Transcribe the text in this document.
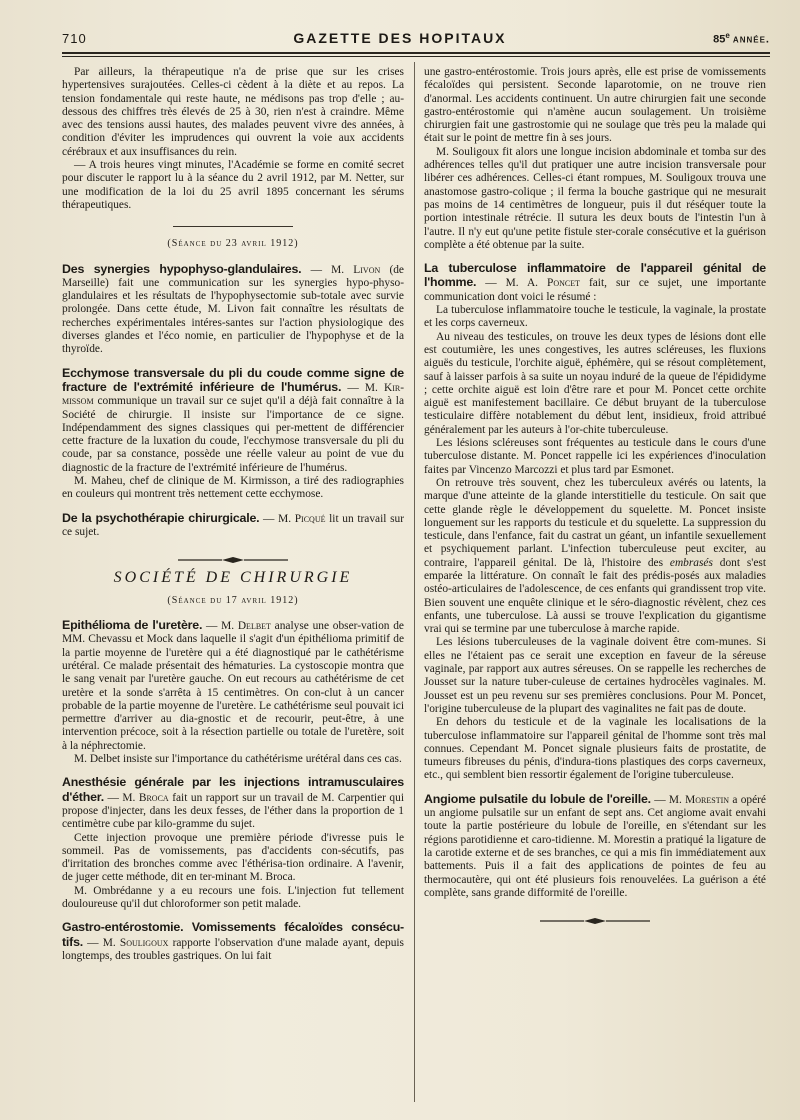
710	GAZETTE DES HOPITAUX	85e année.

Par ailleurs, la thérapeutique n'a de prise que sur les crises hypertensives surajoutées. Celles-ci cèdent à la diète et au repos. La tension fondamentale qui reste haute, ne médisons pas trop d'elle ; au-dessous des chiffres très élevés de 25 à 30, rien n'est à craindre. Même avec des tensions aussi hautes, des malades peuvent vivre des années, à condition d'éviter les imprudences qui ouvrent la voie aux accidents cérébraux et aux insuffisances du rein.

— A trois heures vingt minutes, l'Académie se forme en comité secret pour discuter le rapport lu à la séance du 2 avril 1912, par M. Netter, sur une modification de la loi du 25 avril 1895 concernant les sérums thérapeutiques.

(Séance du 23 avril 1912)

Des synergies hypophyso-glandulaires. — M. Livon (de Marseille) fait une communication sur les synergies hypo-physo-glandulaires et les résultats de l'hypophysectomie sub-totale avec survie prolongée. Dans cette étude, M. Livon fait connaître les résultats de recherches expérimentales intéres-santes sur l'action physiologique des diverses glandes et l'éco nomie, en particulier de l'hypophyse et de la thyroïde.

Ecchymose transversale du pli du coude comme signe de fracture de l'extrémité inférieure de l'humérus. — M. Kir-missom communique un travail sur ce sujet qu'il a déjà fait connaître à la Société de chirurgie. Il insiste sur l'importance de ce signe. Indépendamment des signes classiques qui per-mettent de différencier cette fracture de la luxation du coude, l'ecchymose transversale du pli du coude, par sa constance, possède une réelle valeur au point de vue du diagnostic de la fracture de l'extrémité inférieure de l'humérus.

M. Maheu, chef de clinique de M. Kirmisson, a tiré des radiographies en couleurs qui montrent très nettement cette ecchymose.

De la psychothérapie chirurgicale. — M. Picqué lit un travail sur ce sujet.

SOCIÉTÉ DE CHIRURGIE
(Séance du 17 avril 1912)

Epithélioma de l'uretère. — M. Delbet analyse une obser-vation de MM. Chevassu et Mock dans laquelle il s'agit d'un épithélioma primitif de la partie moyenne de l'uretère qui a été diagnostiqué par le cathétérisme urétéral. Ce malade présentait des hématuries. La cystoscopie montra que le sang venait par l'uretère gauche. On eut recours au cathétérisme de cet uretère et la sonde s'arrêta à 15 centimètres. On con-clut à un cancer probable de la partie moyenne de l'uretère. Le cathétérisme seul pouvait ici permettre d'arriver au dia-gnostic et de recourir, peut-être, à une intervention précoce, soit à la résection partielle ou totale de l'uretère, soit à la néphrectomie.

M. Delbet insiste sur l'importance du cathétérisme urétéral dans ces cas.

Anesthésie générale par les injections intramusculaires d'éther. — M. Broca fait un rapport sur un travail de M. Carpentier qui propose d'injecter, dans les deux fesses, de l'éther dans la proportion de 1 centimètre cube par kilo-gramme du sujet.

Cette injection provoque une première période d'ivresse puis le sommeil. Pas de vomissements, pas d'accidents con-sécutifs, pas d'irritation des bronches comme avec l'éthérisa-tion ordinaire. A l'avenir, de juger cette méthode, dit en ter-minant M. Broca.

M. Ombrédanne y a eu recours une fois. L'injection fut tellement douloureuse qu'il dut chloroformer son petit malade.

Gastro-entérostomie. Vomissements fécaloïdes consécu-tifs. — M. Souligoux rapporte l'observation d'une malade ayant, depuis longtemps, des troubles gastriques. On lui fait

une gastro-entérostomie. Trois jours après, elle est prise de vomissements fécaloïdes qui persistent. Seconde laparotomie, on ne trouve rien d'anormal. Les accidents continuent. Un autre chirurgien fait une seconde gastro-entérostomie qui n'amène aucun soulagement. Un troisième chirurgien fait une gastrostomie qui ne soulage que très peu la malade qui était sur le point de mettre fin à ses jours.

M. Souligoux fit alors une longue incision abdominale et tomba sur des adhérences telles qu'il dut pratiquer une autre incision transversale pour libérer ces adhérences. Celles-ci étant rompues, M. Souligoux trouva une anastomose gastro-colique ; il ferma la bouche gastrique qui ne mesurait pas moins de 14 centimètres de longueur, puis il dut réséquer toute la portion intestinale rétrécie. Il sutura les deux bouts de l'intestin l'un à l'autre. Il n'y eut qu'une petite fistule ster-corale consécutive et la guérison complète a été obtenue par la suite.

La tuberculose inflammatoire de l'appareil génital de l'homme. — M. A. Poncet fait, sur ce sujet, une importante communication dont voici le résumé :

La tuberculose inflammatoire touche le testicule, la vaginale, la prostate et les corps caverneux.

Au niveau des testicules, on trouve les deux types de lésions dont elle est coutumière, les unes congestives, les autres scléreuses, les fluxions aiguës du testicule, l'orchite aiguë, éphémère, qui se résout complètement, sauf à laisser parfois à sa suite un noyau induré de la queue de l'épididyme ; cette orchite aiguë est loin d'être rare et pour M. Poncet cette orchite aiguë est manifestement bacillaire. Ce début bruyant de la tuberculose testiculaire diffère notablement du début lent, insidieux, froid attribué généralement par les auteurs à l'or-chite tuberculeuse.

Les lésions scléreuses sont fréquentes au testicule dans le cours d'une tuberculose distante. M. Poncet rappelle ici les expériences d'inoculation faites par Vincenzo Marcozzi et plus tard par Esmonet.

On retrouve très souvent, chez les tuberculeux avérés ou latents, la marque d'une atteinte de la glande interstitielle du testicule. On sait que cette glande règle le développement du squelette. M. Poncet insiste longuement sur les rapports du testicule et du squelette. La suppression du testicule, dans l'enfance, fait du castrat un géant, un infantile sexuellement et psychiquement parlant. L'infection tuberculeuse peut exciter, au contraire, l'appareil génital. De là, l'histoire des embrasés dont s'est emparée la littérature. On connaît le fait des prédis-posés aux maladies ostéo-articulaires de l'adolescence, de ces enfants qui grandissent trop vite. Bien souvent une enquête clinique et le séro-diagnostic révèlent, chez ces enfants, une tuberculose. Là aussi se trouve l'explication du gigantisme vrai qui se termine par une tuberculose à marche rapide.

Les lésions tuberculeuses de la vaginale doivent être com-munes. Si elles ne l'étaient pas ce serait une exception en faveur de la séreuse vaginale, par rapport aux autres séreuses. On se rappelle les recherches de Jousset sur la nature tuber-culeuse de certaines hydrocèles vaginales. M. Jousset est un peu revenu sur ses premières conclusions. Pour M. Poncet, l'origine tuberculeuse de la plupart des vaginalites ne fait pas de doute.

En dehors du testicule et de la vaginale les localisations de la tuberculose inflammatoire sur l'appareil génital de l'homme sont très mal connues. Cependant M. Poncet signale plusieurs faits de prostatite, de tumeurs fibreuses du pénis, d'indura-tions plastiques des corps caverneux, etc., qui semblent bien ressortir également de l'origine tuberculeuse.

Angiome pulsatile du lobule de l'oreille. — M. Morestin a opéré un angiome pulsatile sur un enfant de sept ans. Cet angiome avait envahi toute la partie postérieure du lobule de l'oreille, en s'étendant sur les régions parotidienne et caro-tidienne. M. Morestin a pratiqué la ligature de la carotide externe et de ses branches, ce qui a mis fin immédiatement aux battements. Puis il a fait des applications de pointes de feu au thermocautère, qui ont été plusieurs fois renouvelées. La guérison a été complète, sans grande difformité de l'oreille.
